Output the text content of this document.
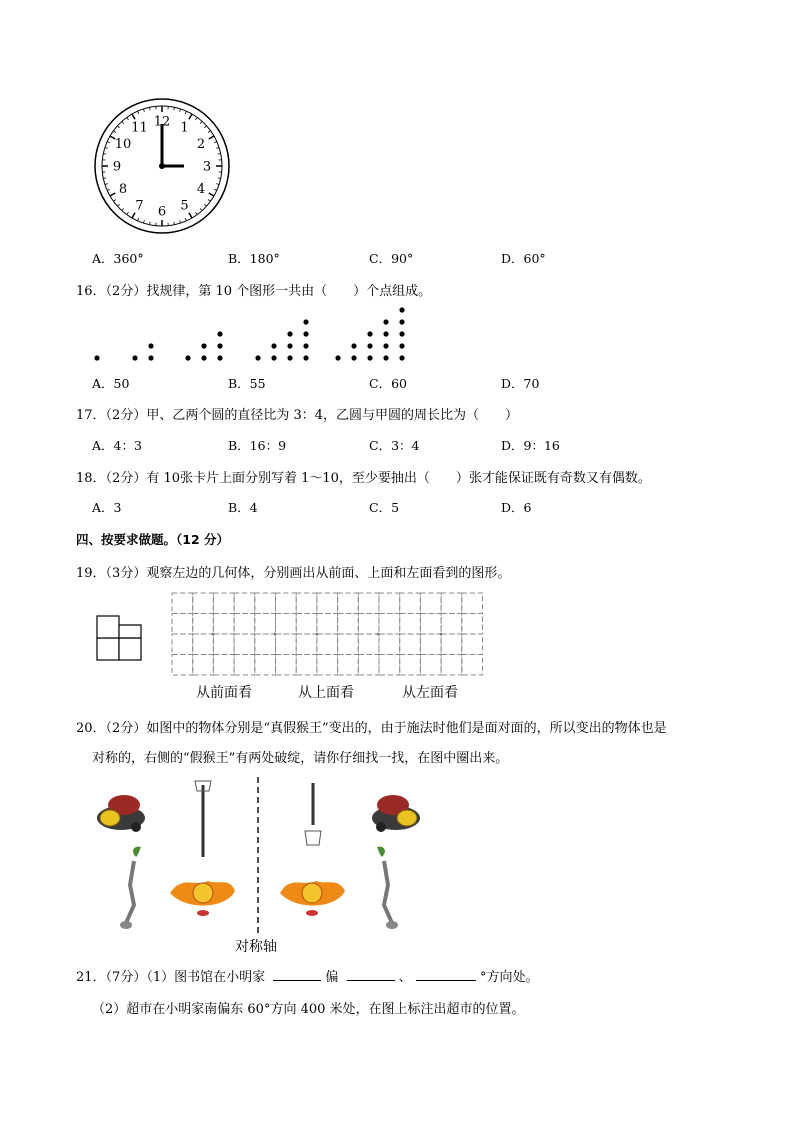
12 1
2
3
4
5
6
7
8
9
10
11
A．360°	B．180°	C．90°	D．60°
16．（2分）找规律，第 10 个图形一共由（　　）个点组成。
A．50	B．55	C．60	D．70
17．（2分）甲、乙两个圆的直径比为 3：4，乙圆与甲圆的周长比为（　　）
A．4：3	B．16：9	C．3：4	D．9：16
18．（2分）有 10张卡片上面分别写着 1～10，至少要抽出（　　）张才能保证既有奇数又有偶数。
A．3	B．4	C．5	D．6
四、按要求做题。（12 分）
19．（3分）观察左边的几何体，分别画出从前面、上面和左面看到的图形。
从前面看	从上面看	从左面看
20．（2分）如图中的物体分别是“真假猴王”变出的，由于施法时他们是面对面的，所以变出的物体也是
对称的，右侧的“假猴王”有两处破绽，请你仔细找一找，在图中圈出来。
对称轴
21．（7分）（1）图书馆在小明家	偏	、	°方向处。
（2）超市在小明家南偏东 60°方向 400 米处，在图上标注出超市的位置。
